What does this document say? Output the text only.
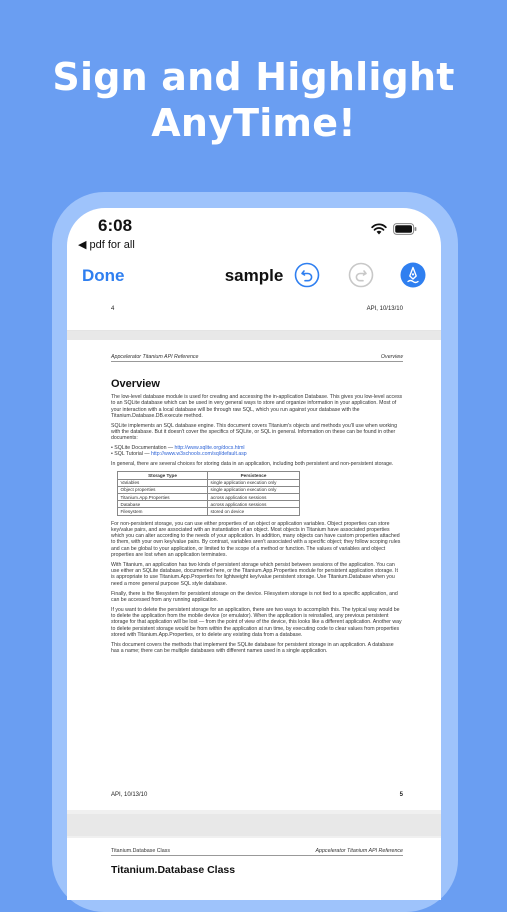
Sign and Highlight
AnyTime!
6:08
◀ pdf for all
Done	sample
4	API, 10/13/10
Appcelerator Titanium API Reference	Overview
Overview

The low-level database module is used for creating and accessing the in-application Database. This gives you low-level access to an SQLite database which can be used in very general ways to store and organize information in your application. Most of your interaction with a local database will be through raw SQL, which you run against your database with the Titanium.Database.DB.execute method.

SQLite implements an SQL database engine. This document covers Titanium's objects and methods you'll use when working with the database. But it doesn't cover the specifics of SQLite, or SQL in general. Information on these can be found in other documents:

• SQLite Documentation — http://www.sqlite.org/docs.html

• SQL Tutorial — http://www.w3schools.com/sql/default.asp

In general, there are several choices for storing data in an application, including both persistent and non-persistent storage.

Storage Type	Persistence
Variables	single application execution only
Object properties	single application execution only
Titanium.App.Properties	across application sessions
Database	across application sessions
Filesystem	stored on device

For non-persistent storage, you can use either properties of an object or application variables. Object properties can store key/value pairs, and are associated with an instantiation of an object. Most objects in Titanium have associated properties which you can alter according to the needs of your application. In addition, many objects can have custom properties attached to them, with your own key/value pairs. By contrast, variables aren't associated with a specific object; they follow scoping rules and can be global to your application, or limited to the scope of a method or function. The values of variables and object properties are lost when an application terminates.

With Titanium, an application has two kinds of persistent storage which persist between sessions of the application. You can use either an SQLite database, documented here, or the Titanium.App.Properties module for persistent application storage. It is appropriate to use Titanium.App.Properties for lightweight key/value persistent storage. Use Titanium.Database when you need a more general purpose SQL style database.

Finally, there is the filesystem for persistent storage on the device. Filesystem storage is not tied to a specific application, and can be accessed from any running application.

If you want to delete the persistent storage for an application, there are two ways to accomplish this. The typical way would be to delete the application from the mobile device (or emulator). When the application is reinstalled, any previous persistent storage for that application will be lost — from the point of view of the device, this looks like a different application. Another way to delete persistent storage would be from within the application at run time, by executing code to clear values from properties stored with Titanium.App.Properties, or to delete any existing data from a database.

This document covers the methods that implement the SQLite database for persistent storage in an application. A database has a name; there can be multiple databases with different names used in a single application.

API, 10/13/10	5
Titanium.Database Class	Appcelerator Titanium API Reference
Titanium.Database Class
